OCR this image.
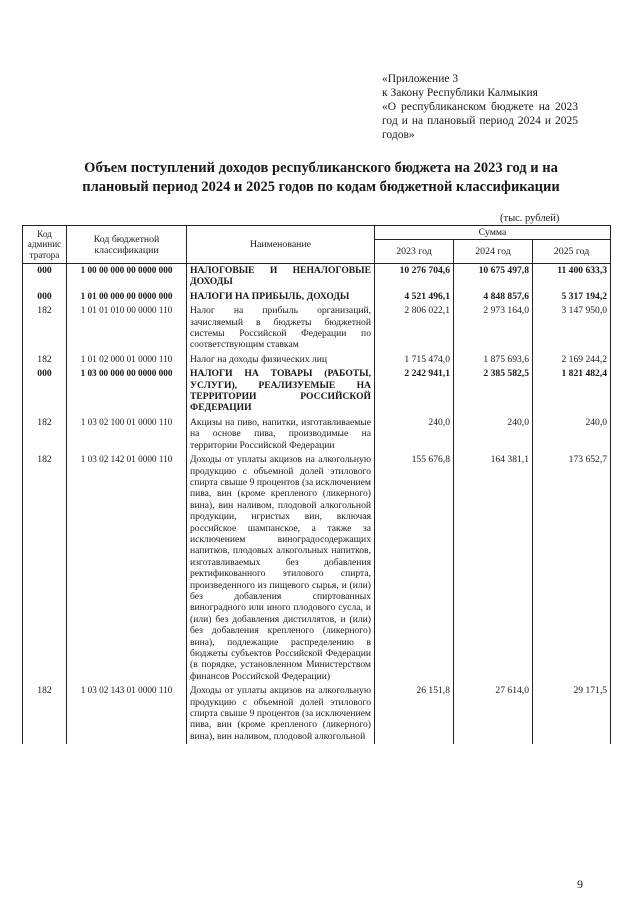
«Приложение 3
к Закону Республики Калмыкия
«О республиканском бюджете на 2023 год и на плановый период 2024 и 2025 годов»
Объем поступлений доходов республиканского бюджета на 2023 год и на плановый период 2024 и 2025 годов по кодам бюджетной классификации
(тыс. рублей)
Код админис тратора	Код бюджетной классификации	Наименование	Сумма		
			2023 год	2024 год	2025 год
000	1 00 00 000 00 0000 000	НАЛОГОВЫЕ И НЕНАЛОГОВЫЕ ДОХОДЫ	10 276 704,6	10 675 497,8	11 400 633,3
000	1 01 00 000 00 0000 000	НАЛОГИ НА ПРИБЫЛЬ, ДОХОДЫ	4 521 496,1	4 848 857,6	5 317 194,2
182	1 01 01 010 00 0000 110	Налог на прибыль организаций, зачисляемый в бюджеты бюджетной системы Российской Федерации по соответствующим ставкам	2 806 022,1	2 973 164,0	3 147 950,0
182	1 01 02 000 01 0000 110	Налог на доходы физических лиц	1 715 474,0	1 875 693,6	2 169 244,2
000	1 03 00 000 00 0000 000	НАЛОГИ НА ТОВАРЫ (РАБОТЫ, УСЛУГИ), РЕАЛИЗУЕМЫЕ НА ТЕРРИТОРИИ РОССИЙСКОЙ ФЕДЕРАЦИИ	2 242 941,1	2 385 582,5	1 821 482,4
182	1 03 02 100 01 0000 110	Акцизы на пиво, напитки, изготавливаемые на основе пива, производимые на территории Российской Федерации	240,0	240,0	240,0
182	1 03 02 142 01 0000 110	Доходы от уплаты акцизов на алкогольную продукцию с объемной долей этилового спирта свыше 9 процентов (за исключением пива, вин (кроме крепленого (ликерного) вина), вин наливом, плодовой алкогольной продукции, игристых вин, включая российское шампанское, а также за исключением виноградосодержащих напитков, плодовых алкогольных напитков, изготавливаемых без добавления ректификованного этилового спирта, произведенного из пищевого сырья, и (или) без добавления спиртованных виноградного или иного плодового сусла, и (или) без добавления дистиллятов, и (или) без добавления крепленого (ликерного) вина), подлежащие распределению в бюджеты субъектов Российской Федерации (в порядке, установленном Министерством финансов Российской Федерации)	155 676,8	164 381,1	173 652,7
182	1 03 02 143 01 0000 110	Доходы от уплаты акцизов на алкогольную продукцию с объемной долей этилового спирта свыше 9 процентов (за исключением пива, вин (кроме крепленого (ликерного) вина), вин наливом, плодовой алкогольной	26 151,8	27 614,0	29 171,5
9
